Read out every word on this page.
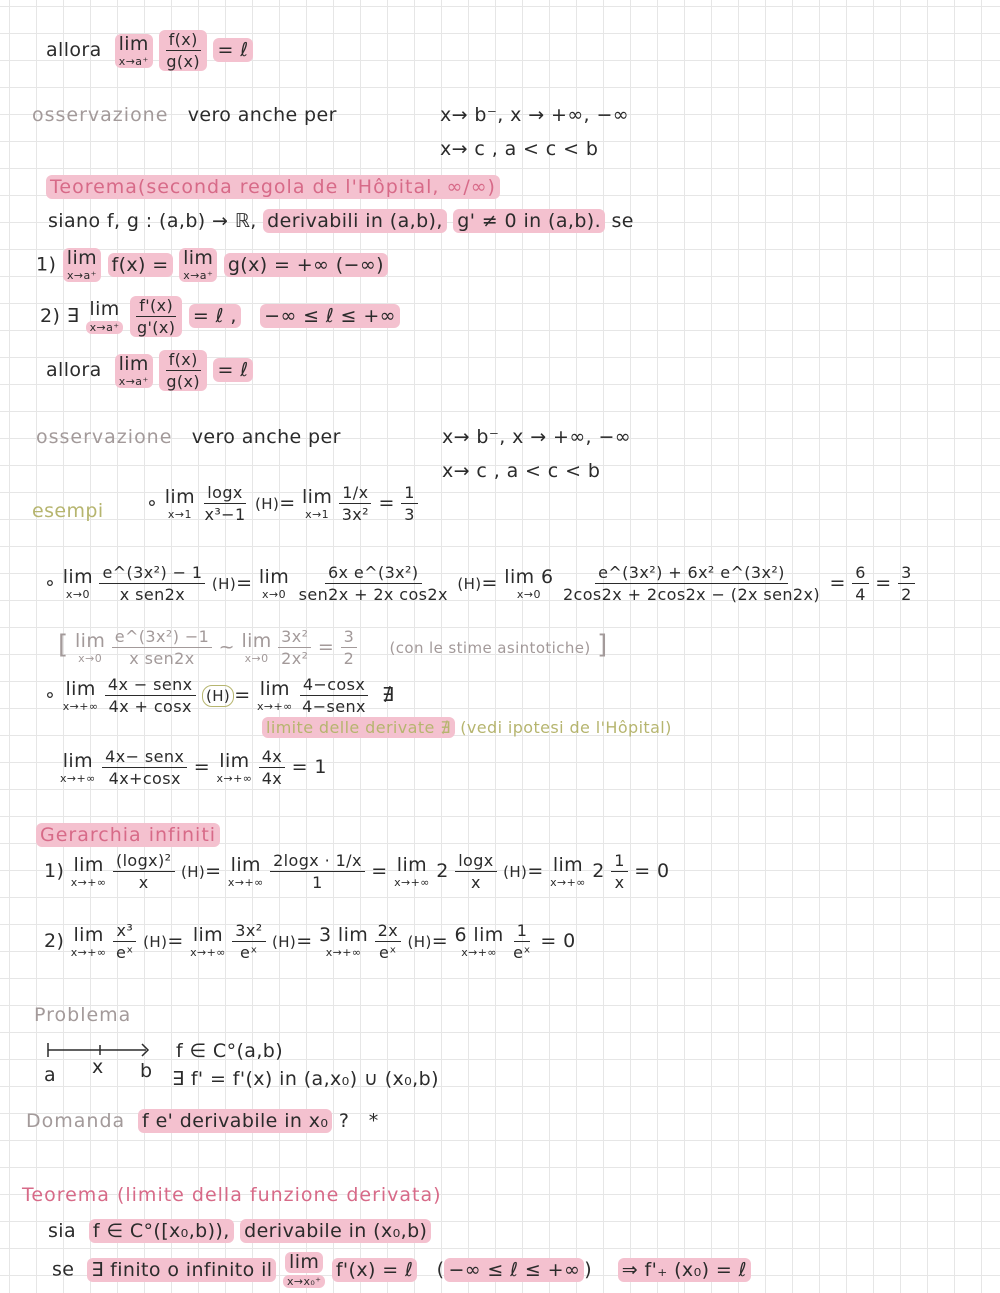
allora lim
x→a⁺
$\frac{f(x)}{g(x)}$ = ℓ
osservazione vero anche per	x→ b⁻, x → +∞, −∞
x→ c , a < c < b
Teorema(seconda regola de l'Hôpital, ∞/∞)
siano f, g : (a,b) → ℝ, derivabili in (a,b), g' ≠ 0 in (a,b). se
1) lim
x→a⁺ f(x) = lim
x→a⁺ g(x) = +∞ (−∞)
2) ∃ lim
x→a⁺
$\frac{f'(x)}{g'(x)}$ = ℓ , −∞ ≤ ℓ ≤ +∞
allora lim
x→a⁺
$\frac{f(x)}{g(x)}$ = ℓ
osservazione vero anche per	x→ b⁻, x → +∞, −∞
x→ c , a < c < b
esempi ∘ lim
x→1
$\frac{\log x}{\text{x³−1}} (H)= \lim$
x→1
$\frac{1/x}{\text{3x²}} = \frac{1}{3}$
∘ lim
x→0
$\frac{\text{e\textasciicircum{}(3x²) − 1}}{\text{x sen2x}} (H)= \lim$
x→0
$\frac{\text{6x e\textasciicircum{}(3x²)}}{\text{sen2x + 2x cos2x}} (H)= \lim 6$
x→0
$\frac{\text{e\textasciicircum{}(3x²) + 6x² e\textasciicircum{}(3x²)}}{\text{2cos2x + 2cos2x − (2x sen2x)}} = \frac{6}{4} = \frac{3}{2}$
[ lim
x→0
$\frac{\text{e\textasciicircum{}(3x²) −1}}{\text{x sen2x}}$ ~ lim
x→0
$\frac{\text{3x²}}{\text{2x²}} = \frac{3}{2} (con$ le stime asintotiche) ]
∘ lim
x→+∞
$\frac{\text{4x − senx}}{4x + \cos x} (H) = \lim$
x→+∞
$\frac{4-\cos x}{\text{4−senx}}$ ∄
limite delle derivate ∄ (vedi ipotesi de l'Hôpital)
lim
x→+∞
$\frac{\text{4x− senx}}{4x+\cos x} = \lim$
x→+∞
$\frac{4x}{4x} = 1$
Gerarchia infiniti
1) lim
x→+∞
$\frac{\text{(logx)²}}{x} (H)= \lim$
x→+∞
$\frac{2\log x \cdot 1/x}{1} = \lim$
x→+∞ $2 \frac{\log x}{x} (H)= \lim$
x→+∞ $2 \frac{1}{x} = 0$
2) lim
x→+∞
$\frac{\text{x³}}{\text{eˣ}} (H)= \lim$
x→+∞
$\frac{\text{3x²}}{\text{eˣ}} (H)= 3$ lim
x→+∞
$\frac{2x}{\text{eˣ}} (H)= 6$ lim
x→+∞
$\frac{1}{\text{eˣ}} = 0$
Problema
a x b
f ∈ C°(a,b)
∃ f' = f'(x) in (a,x₀) ∪ (x₀,b)
Domanda f e' derivabile in x₀ ? *
Teorema (limite della funzione derivata)
sia f ∈ C°([x₀,b)), derivabile in (x₀,b)
se ∃ finito o infinito il lim
x→x₀⁺
f'(x) = ℓ ( −∞ ≤ ℓ ≤ +∞ ) ⇒ f'₊ (x₀) = ℓ
